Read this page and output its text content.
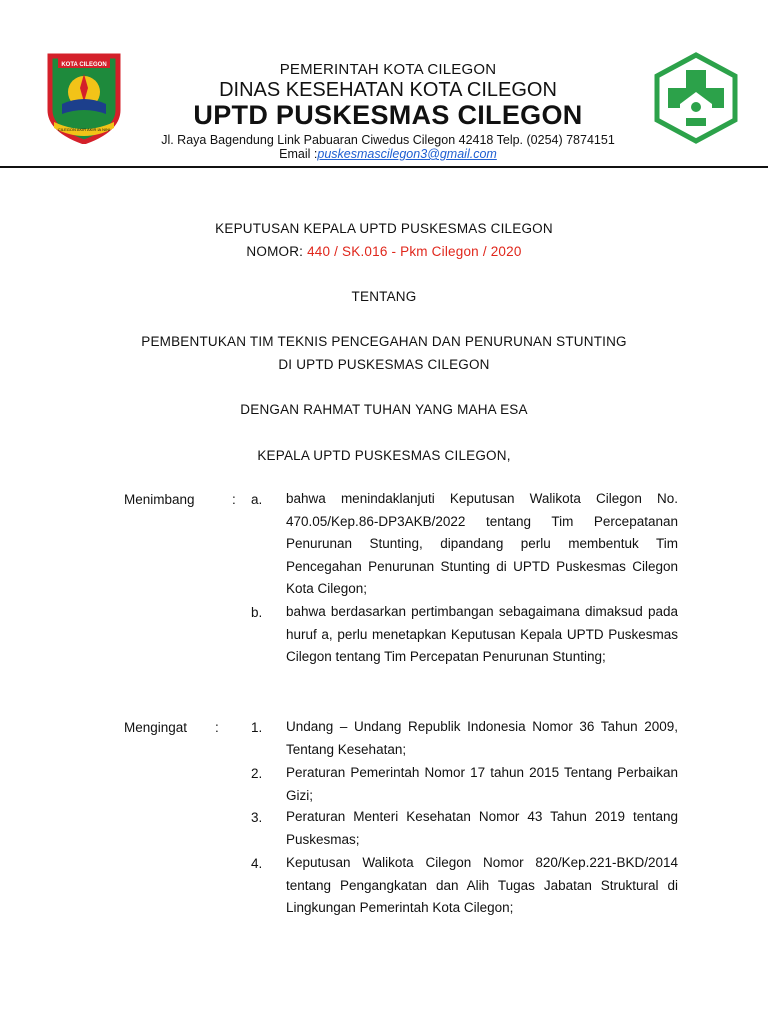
KOTA CILEGON
CILEGON AKIR AKIR IA NINI
PEMERINTAH KOTA CILEGON
DINAS KESEHATAN KOTA CILEGON
UPTD PUSKESMAS CILEGON
Jl. Raya Bagendung Link Pabuaran Ciwedus Cilegon 42418 Telp. (0254) 7874151
Email :puskesmascilegon3@gmail.com
KEPUTUSAN KEPALA UPTD PUSKESMAS CILEGON
NOMOR: 440 / SK.016 - Pkm Cilegon / 2020
TENTANG
PEMBENTUKAN TIM TEKNIS PENCEGAHAN DAN PENURUNAN STUNTING
DI UPTD PUSKESMAS CILEGON
DENGAN RAHMAT TUHAN YANG MAHA ESA
KEPALA UPTD PUSKESMAS CILEGON,
Menimbang	: a. bahwa menindaklanjuti Keputusan Walikota Cilegon No. 470.05/Kep.86-DP3AKB/2022 tentang Tim Percepatanan Penurunan Stunting, dipandang perlu membentuk Tim Pencegahan Penurunan Stunting di UPTD Puskesmas Cilegon Kota Cilegon;
b. bahwa berdasarkan pertimbangan sebagaimana dimaksud pada huruf a, perlu menetapkan Keputusan Kepala UPTD Puskesmas Cilegon tentang Tim Percepatan Penurunan Stunting;
Mengingat : 1. Undang – Undang Republik Indonesia Nomor 36 Tahun 2009, Tentang Kesehatan;
2. Peraturan Pemerintah Nomor 17 tahun 2015 Tentang Perbaikan Gizi;
3. Peraturan Menteri Kesehatan Nomor 43 Tahun 2019 tentang Puskesmas;
4. Keputusan Walikota Cilegon Nomor 820/Kep.221-BKD/2014 tentang Pengangkatan dan Alih Tugas Jabatan Struktural di Lingkungan Pemerintah Kota Cilegon;
